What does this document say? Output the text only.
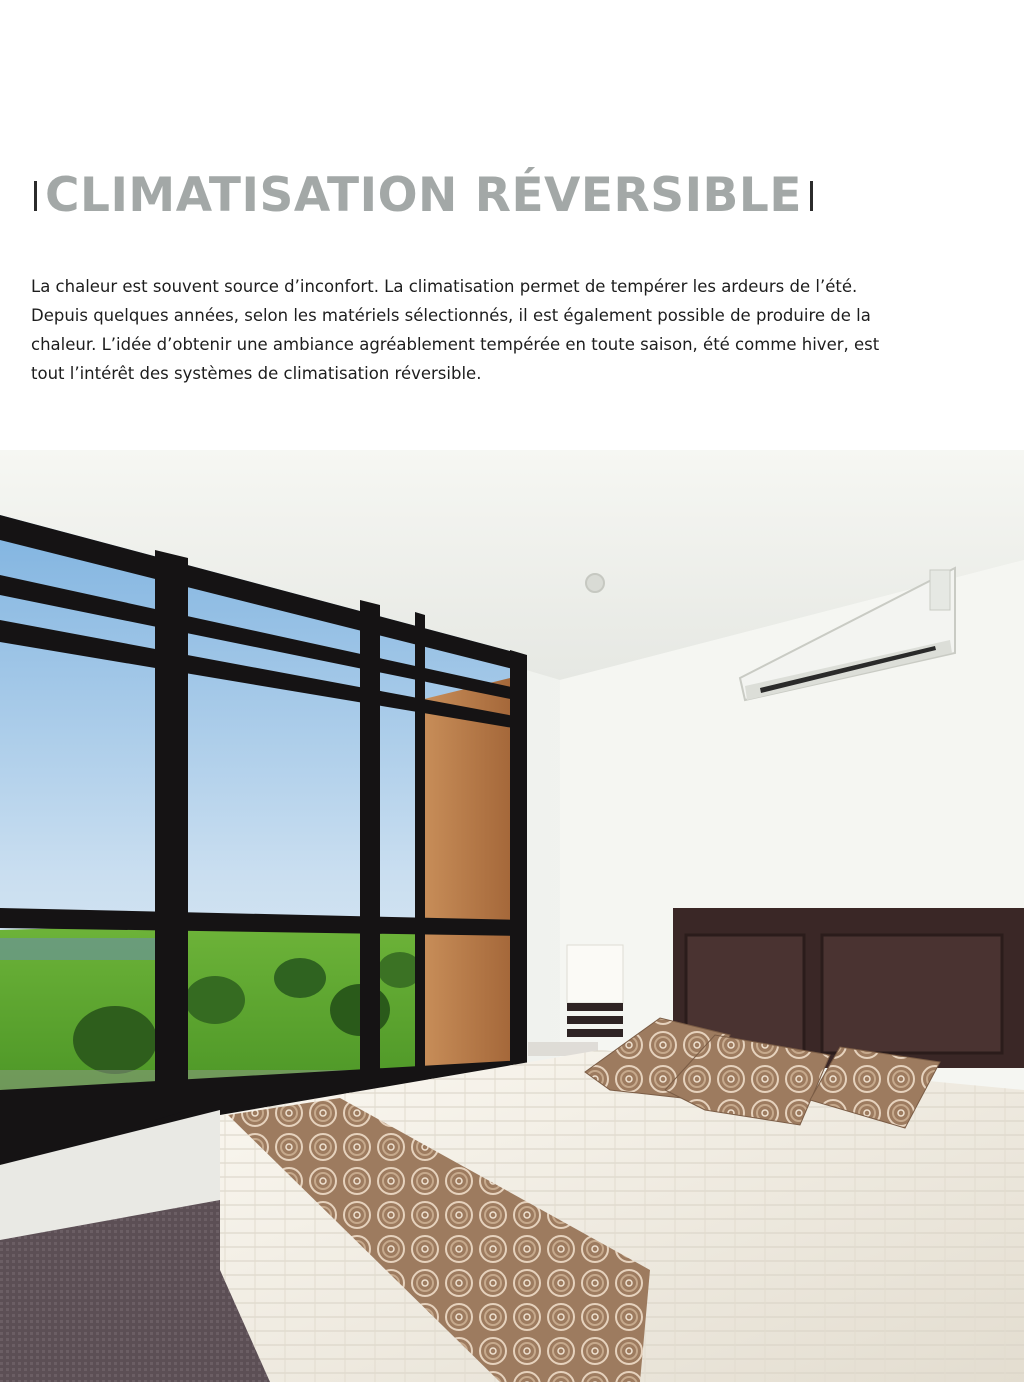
CLIMATISATION RÉVERSIBLE
La chaleur est souvent source d’inconfort. La climatisation permet de tempérer les ardeurs de l’été.
Depuis quelques années, selon les matériels sélectionnés, il est également possible de produire de la
chaleur. L’idée d’obtenir une ambiance agréablement tempérée en toute saison, été comme hiver, est
tout l’intérêt des systèmes de climatisation réversible.
